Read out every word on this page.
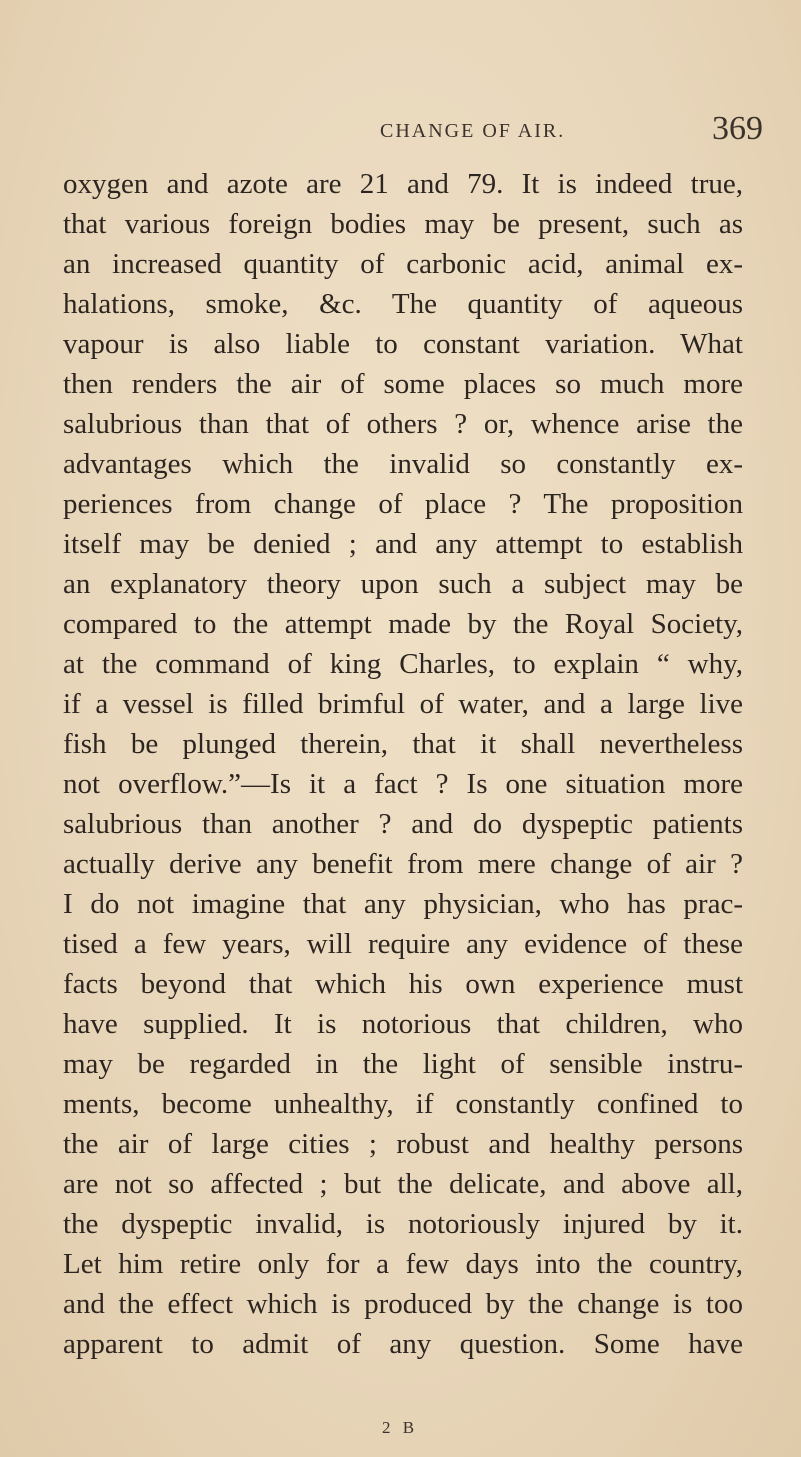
CHANGE OF AIR.	369
oxygen and azote are 21 and 79. It is indeed true,
that various foreign bodies may be present, such as
an increased quantity of carbonic acid, animal ex-
halations, smoke, &c. The quantity of aqueous
vapour is also liable to constant variation. What
then renders the air of some places so much more
salubrious than that of others ? or, whence arise the
advantages which the invalid so constantly ex-
periences from change of place ? The proposition
itself may be denied ; and any attempt to establish
an explanatory theory upon such a subject may be
compared to the attempt made by the Royal Society,
at the command of king Charles, to explain “ why,
if a vessel is filled brimful of water, and a large live
fish be plunged therein, that it shall nevertheless
not overflow.”—Is it a fact ? Is one situation more
salubrious than another ? and do dyspeptic patients
actually derive any benefit from mere change of air ?
I do not imagine that any physician, who has prac-
tised a few years, will require any evidence of these
facts beyond that which his own experience must
have supplied. It is notorious that children, who
may be regarded in the light of sensible instru-
ments, become unhealthy, if constantly confined to
the air of large cities ; robust and healthy persons
are not so affected ; but the delicate, and above all,
the dyspeptic invalid, is notoriously injured by it.
Let him retire only for a few days into the country,
and the effect which is produced by the change is too
apparent to admit of any question. Some have
2 B
